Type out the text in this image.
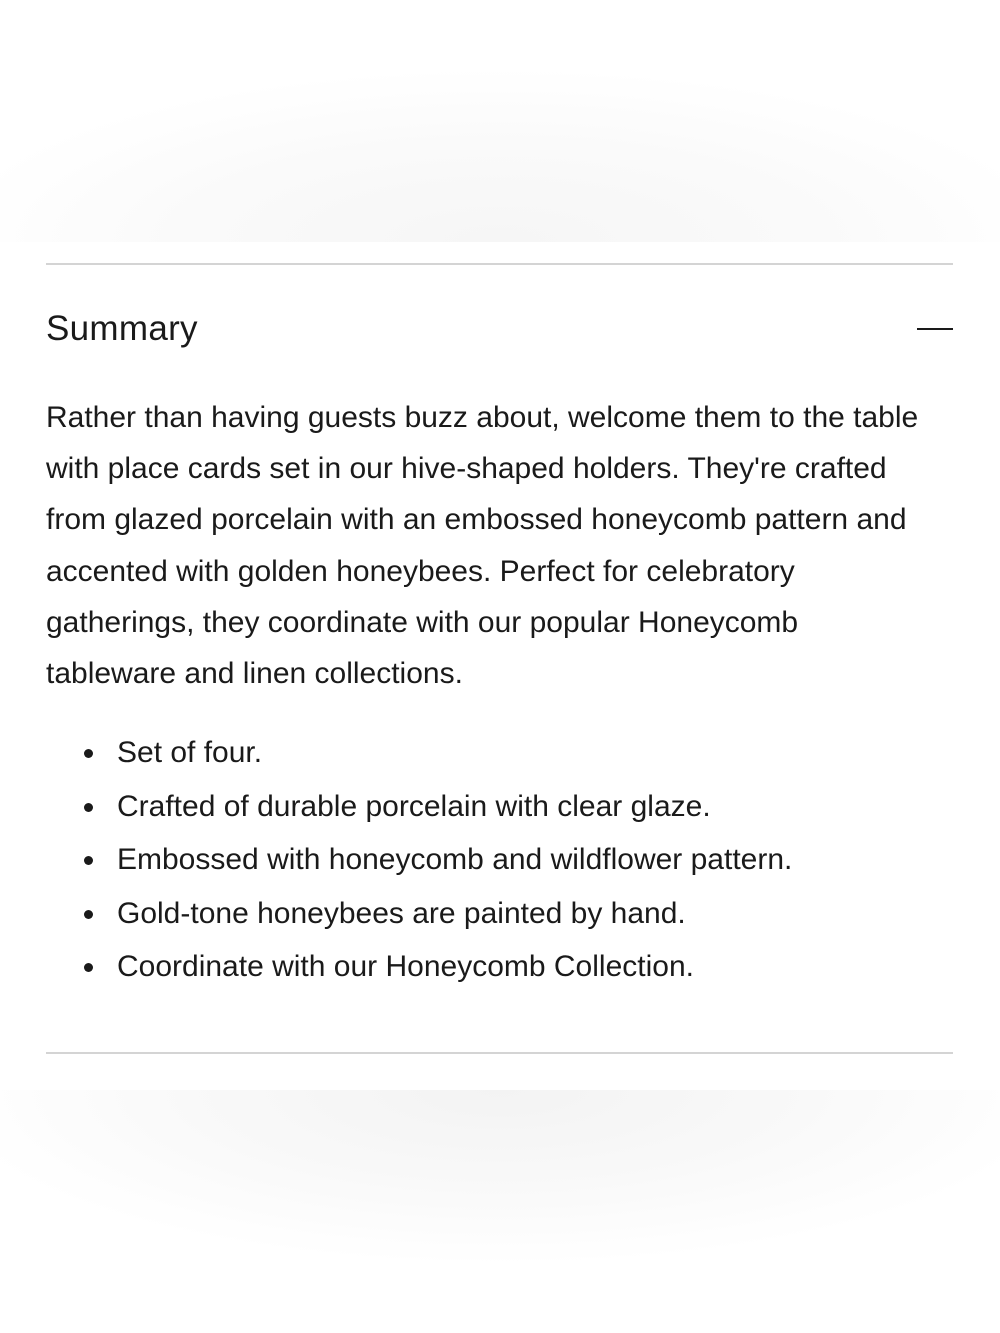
Summary

Rather than having guests buzz about, welcome them to the table with place cards set in our hive-shaped holders. They're crafted from glazed porcelain with an embossed honeycomb pattern and accented with golden honeybees. Perfect for celebratory gatherings, they coordinate with our popular Honeycomb tableware and linen collections.

Set of four.
Crafted of durable porcelain with clear glaze.
Embossed with honeycomb and wildflower pattern.
Gold-tone honeybees are painted by hand.
Coordinate with our Honeycomb Collection.
